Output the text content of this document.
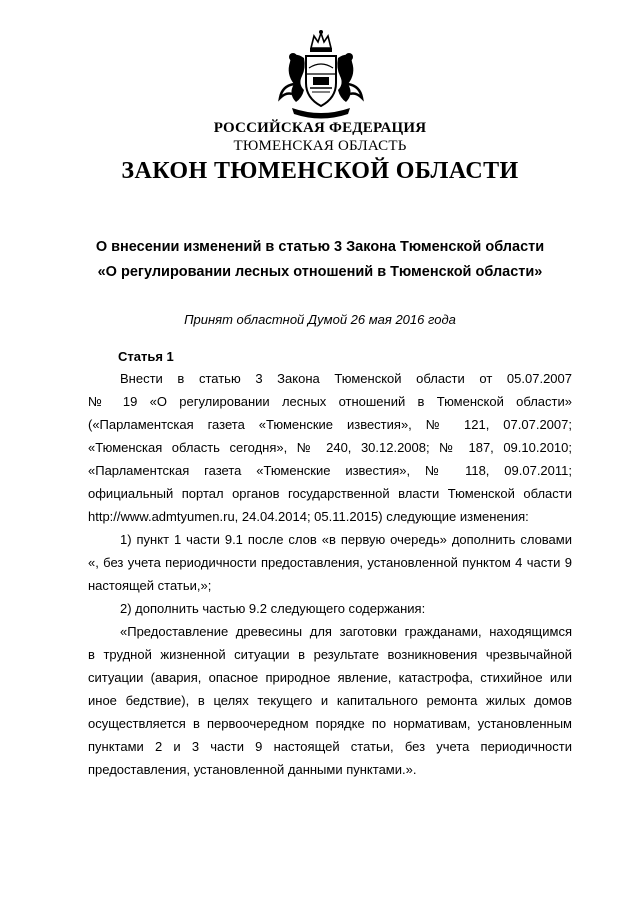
РОССИЙСКАЯ ФЕДЕРАЦИЯ
ТЮМЕНСКАЯ ОБЛАСТЬ
ЗАКОН ТЮМЕНСКОЙ ОБЛАСТИ
О внесении изменений в статью 3 Закона Тюменской области
«О регулировании лесных отношений в Тюменской области»
Принят областной Думой 26 мая 2016 года
Статья 1
Внести в статью 3 Закона Тюменской области от 05.07.2007
№ 19 «О регулировании лесных отношений в Тюменской области»
(«Парламентская газета «Тюменские известия», № 121, 07.07.2007;
«Тюменская область сегодня», № 240, 30.12.2008; № 187, 09.10.2010;
«Парламентская газета «Тюменские известия», № 118, 09.07.2011;
официальный портал органов государственной власти Тюменской области
http://www.admtyumen.ru, 24.04.2014; 05.11.2015) следующие изменения:
1) пункт 1 части 9.1 после слов «в первую очередь» дополнить словами
«, без учета периодичности предоставления, установленной пунктом 4 части 9
настоящей статьи,»;
2) дополнить частью 9.2 следующего содержания:
«Предоставление древесины для заготовки гражданами, находящимся
в трудной жизненной ситуации в результате возникновения чрезвычайной
ситуации (авария, опасное природное явление, катастрофа, стихийное или
иное бедствие), в целях текущего и капитального ремонта жилых домов
осуществляется в первоочередном порядке по нормативам, установленным
пунктами 2 и 3 части 9 настоящей статьи, без учета периодичности
предоставления, установленной данными пунктами.».
